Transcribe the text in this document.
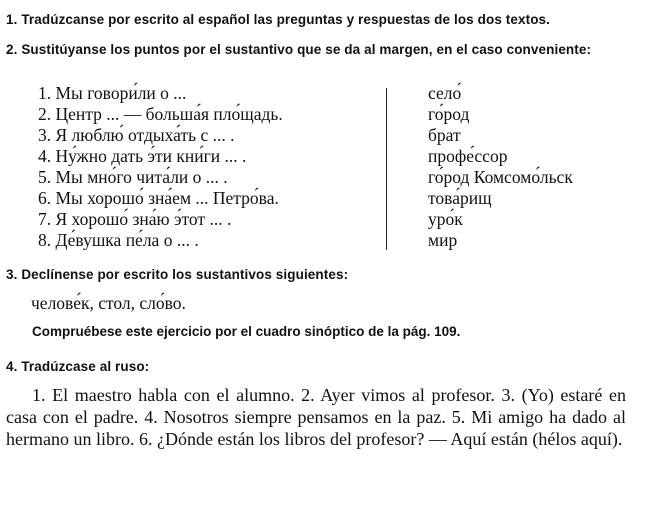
1. Tradúzcanse por escrito al español las preguntas y respuestas de los dos textos.
2. Sustitúyanse los puntos por el sustantivo que se da al margen, en el caso conveniente:
1. Мы говори́ли о ...
2. Центр ... — больша́я пло́щадь.
3. Я люблю́ отдыха́ть с ... .
4. Ну́жно дать э́ти кни́ги ... .
5. Мы мно́го чита́ли о ... .
6. Мы хорошо́ зна́ем ... Петро́ва.
7. Я хорошо́ зна́ю э́тот ... .
8. Де́вушка пе́ла о ... .
село́
го́род
брат
профе́ссор
го́род Комсомо́льск
това́рищ
уро́к
мир
3. Declínense por escrito los sustantivos siguientes:
челове́к, стол, сло́во.
Compruébese este ejercicio por el cuadro sinóptico de la pág. 109.
4. Tradúzcase al ruso:
1. El maestro habla con el alumno. 2. Ayer vimos al profesor. 3. (Yo) estaré en casa con el padre. 4. Nosotros siempre pensamos en la paz. 5. Mi amigo ha dado al hermano un libro. 6. ¿Dónde están los libros del profesor? — Aquí están (hélos aquí).
